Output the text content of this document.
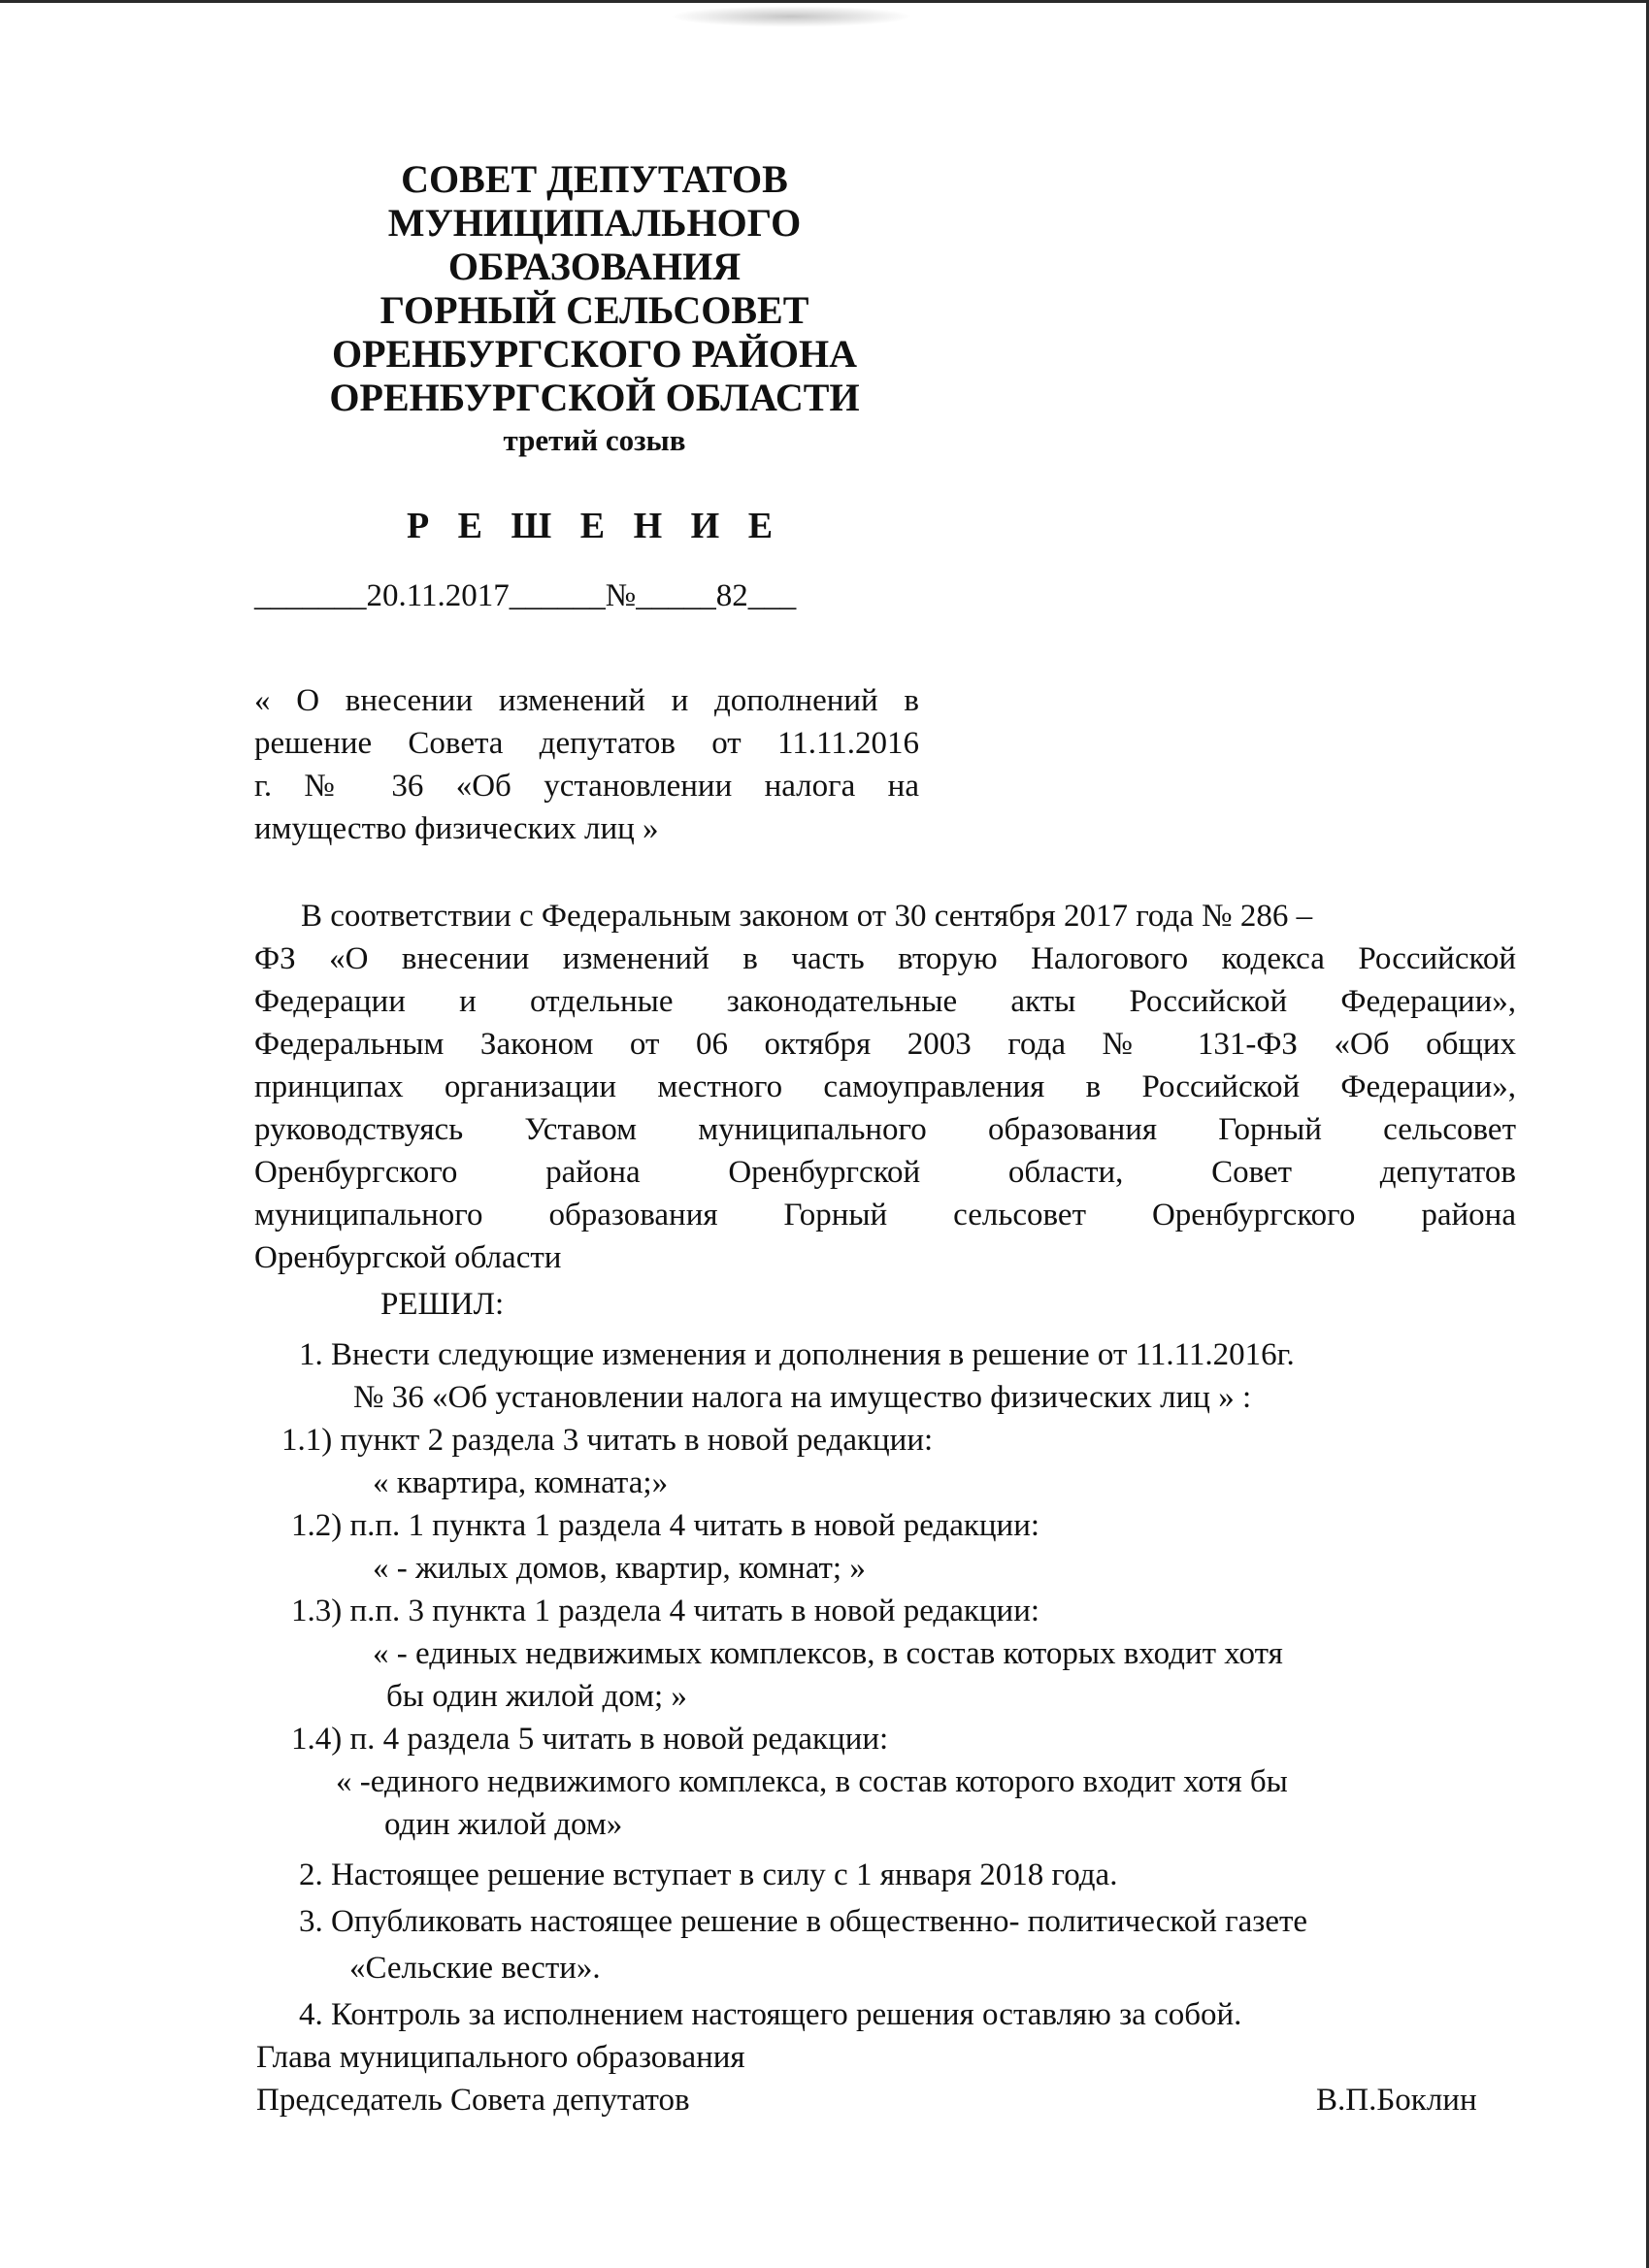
СОВЕТ ДЕПУТАТОВ
МУНИЦИПАЛЬНОГО
ОБРАЗОВАНИЯ
ГОРНЫЙ СЕЛЬСОВЕТ
ОРЕНБУРГСКОГО РАЙОНА
ОРЕНБУРГСКОЙ ОБЛАСТИ
третий созыв
Р Е Ш Е Н И Е
_______20.11.2017______№_____82___
« О внесении изменений и дополнений в
решение Совета депутатов от 11.11.2016
г. № 36 «Об установлении налога на
имущество физических лиц »
В соответствии с Федеральным законом от 30 сентября 2017 года № 286 –
ФЗ «О внесении изменений в часть вторую Налогового кодекса Российской
Федерации и отдельные законодательные акты Российской Федерации»,
Федеральным Законом от 06 октября 2003 года № 131-ФЗ «Об общих
принципах организации местного самоуправления в Российской Федерации»,
руководствуясь Уставом муниципального образования Горный сельсовет
Оренбургского района Оренбургской области, Совет депутатов
муниципального образования Горный сельсовет Оренбургского района
Оренбургской области
РЕШИЛ:
1. Внести следующие изменения и дополнения в решение от 11.11.2016г.
№ 36 «Об установлении налога на имущество физических лиц » :
1.1) пункт 2 раздела 3 читать в новой редакции:
« квартира, комната;»
1.2) п.п. 1 пункта 1 раздела 4 читать в новой редакции:
« - жилых домов, квартир, комнат; »
1.3) п.п. 3 пункта 1 раздела 4 читать в новой редакции:
« - единых недвижимых комплексов, в состав которых входит хотя
бы один жилой дом; »
1.4) п. 4 раздела 5 читать в новой редакции:
« -единого недвижимого комплекса, в состав которого входит хотя бы
один жилой дом»
2. Настоящее решение вступает в силу с 1 января 2018 года.
3. Опубликовать настоящее решение в общественно- политической газете
«Сельские вести».
4. Контроль за исполнением настоящего решения оставляю за собой.
Глава муниципального образования
Председатель Совета депутатов	В.П.Боклин
